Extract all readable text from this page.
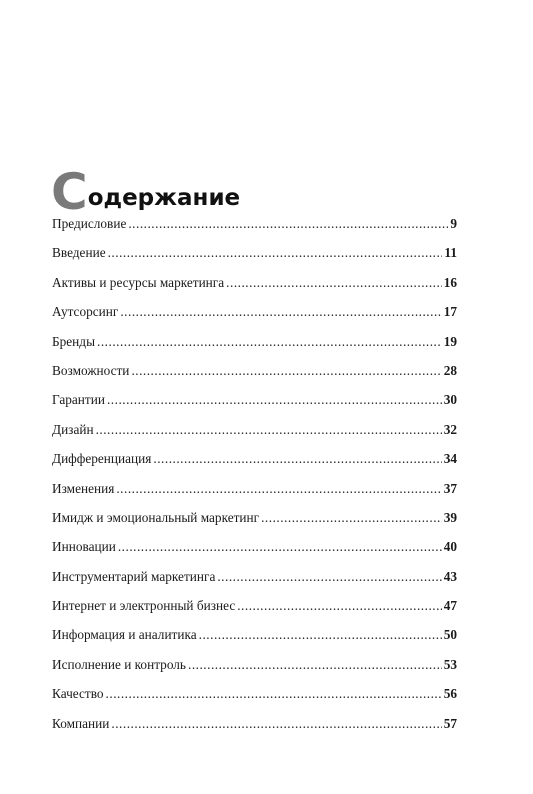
С одержание
Предисловие .....	9
Введение .....	11
Активы и ресурсы маркетинга .....	16
Аутсорсинг .....	17
Бренды .....	19
Возможности .....	28
Гарантии .....	30
Дизайн .....	32
Дифференциация .....	34
Изменения .....	37
Имидж и эмоциональный маркетинг .....	39
Инновации .....	40
Инструментарий маркетинга .....	43
Интернет и электронный бизнес .....	47
Информация и аналитика .....	50
Исполнение и контроль .....	53
Качество .....	56
Компании .....	57
